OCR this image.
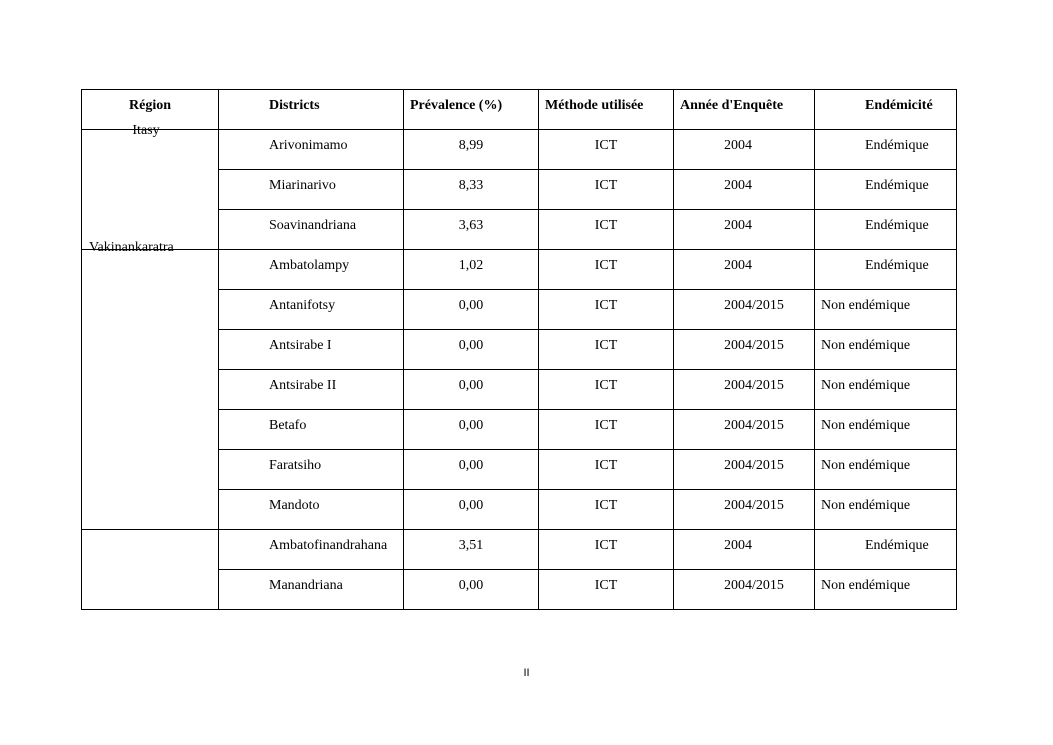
Région	Districts	Prévalence (%)	Méthode utilisée	Année d'Enquête	Endémicité

Itasy	Arivonimamo	8,99	ICT	2004	Endémique

	Miarinarivo	8,33	ICT	2004	Endémique

	Soavinandriana	3,63	ICT	2004	Endémique

Vakinankaratra	Ambatolampy	1,02	ICT	2004	Endémique

	Antanifotsy	0,00	ICT	2004/2015	Non endémique

	Antsirabe I	0,00	ICT	2004/2015	Non endémique

	Antsirabe II	0,00	ICT	2004/2015	Non endémique

	Betafo	0,00	ICT	2004/2015	Non endémique

	Faratsiho	0,00	ICT	2004/2015	Non endémique

	Mandoto	0,00	ICT	2004/2015	Non endémique

	Ambatofinandrahana	3,51	ICT	2004	Endémique

	Manandriana	0,00	ICT	2004/2015	Non endémique
II
